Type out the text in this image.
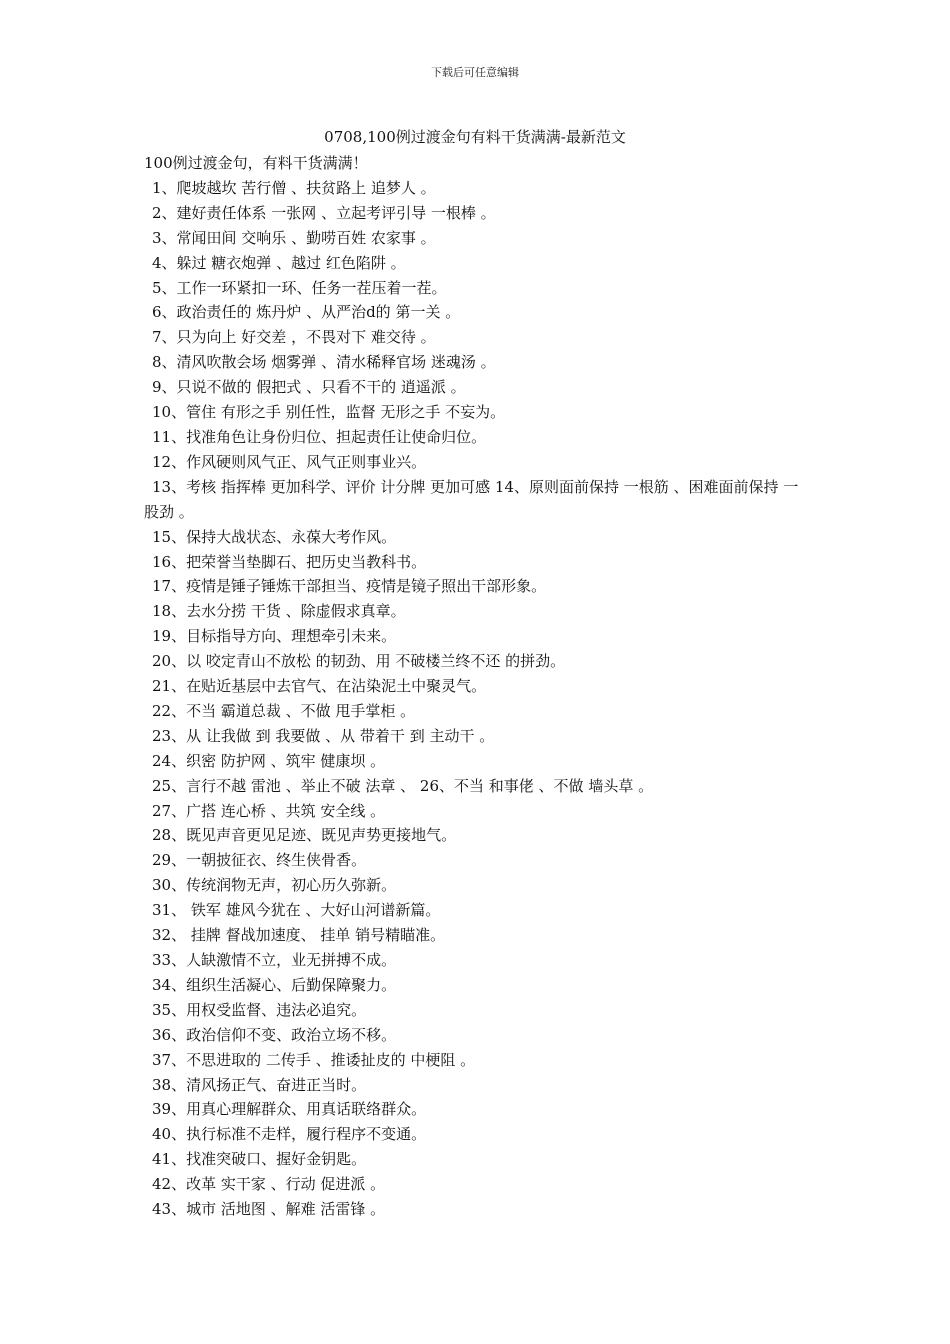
下载后可任意编辑
0708,100例过渡金句有料干货满满-最新范文

100例过渡金句，有料干货满满！

1、爬坡越坎 苦行僧 、扶贫路上 追梦人 。

2、建好责任体系 一张网 、立起考评引导 一根棒 。

3、常闻田间 交响乐 、勤唠百姓 农家事 。

4、躲过 糖衣炮弹 、越过 红色陷阱 。

5、工作一环紧扣一环、任务一茬压着一茬。

6、政治责任的 炼丹炉 、从严治d的 第一关 。

7、只为向上 好交差 ，不畏对下 难交待 。

8、清风吹散会场 烟雾弹 、清水稀释官场 迷魂汤 。

9、只说不做的 假把式 、只看不干的 逍遥派 。

10、管住 有形之手 别任性，监督 无形之手 不妄为。

11、找准角色让身份归位、担起责任让使命归位。

12、作风硬则风气正、风气正则事业兴。

13、考核 指挥棒 更加科学、评价 计分牌 更加可感 14、原则面前保持 一根筋 、困难面前保持 一股劲 。

15、保持大战状态、永葆大考作风。

16、把荣誉当垫脚石、把历史当教科书。

17、疫情是锤子锤炼干部担当、疫情是镜子照出干部形象。

18、去水分捞 干货 、除虚假求真章。

19、目标指导方向、理想牵引未来。

20、以 咬定青山不放松 的韧劲、用 不破楼兰终不还 的拼劲。

21、在贴近基层中去官气、在沾染泥土中聚灵气。

22、不当 霸道总裁 、不做 甩手掌柜 。

23、从 让我做 到 我要做 、从 带着干 到 主动干 。

24、织密 防护网 、筑牢 健康坝 。

25、言行不越 雷池 、举止不破 法章 、 26、不当 和事佬 、不做 墙头草 。

27、广搭 连心桥 、共筑 安全线 。

28、既见声音更见足迹、既见声势更接地气。

29、一朝披征衣、终生侠骨香。

30、传统润物无声，初心历久弥新。

31、 铁军 雄风今犹在 、大好山河谱新篇。

32、 挂牌 督战加速度、 挂单 销号精瞄准。

33、人缺激情不立，业无拼搏不成。

34、组织生活凝心、后勤保障聚力。

35、用权受监督、违法必追究。

36、政治信仰不变、政治立场不移。

37、不思进取的 二传手 、推诿扯皮的 中梗阻 。

38、清风扬正气、奋进正当时。

39、用真心理解群众、用真话联络群众。

40、执行标准不走样，履行程序不变通。

41、找准突破口、握好金钥匙。

42、改革 实干家 、行动 促进派 。

43、城市 活地图 、解难 活雷锋 。
